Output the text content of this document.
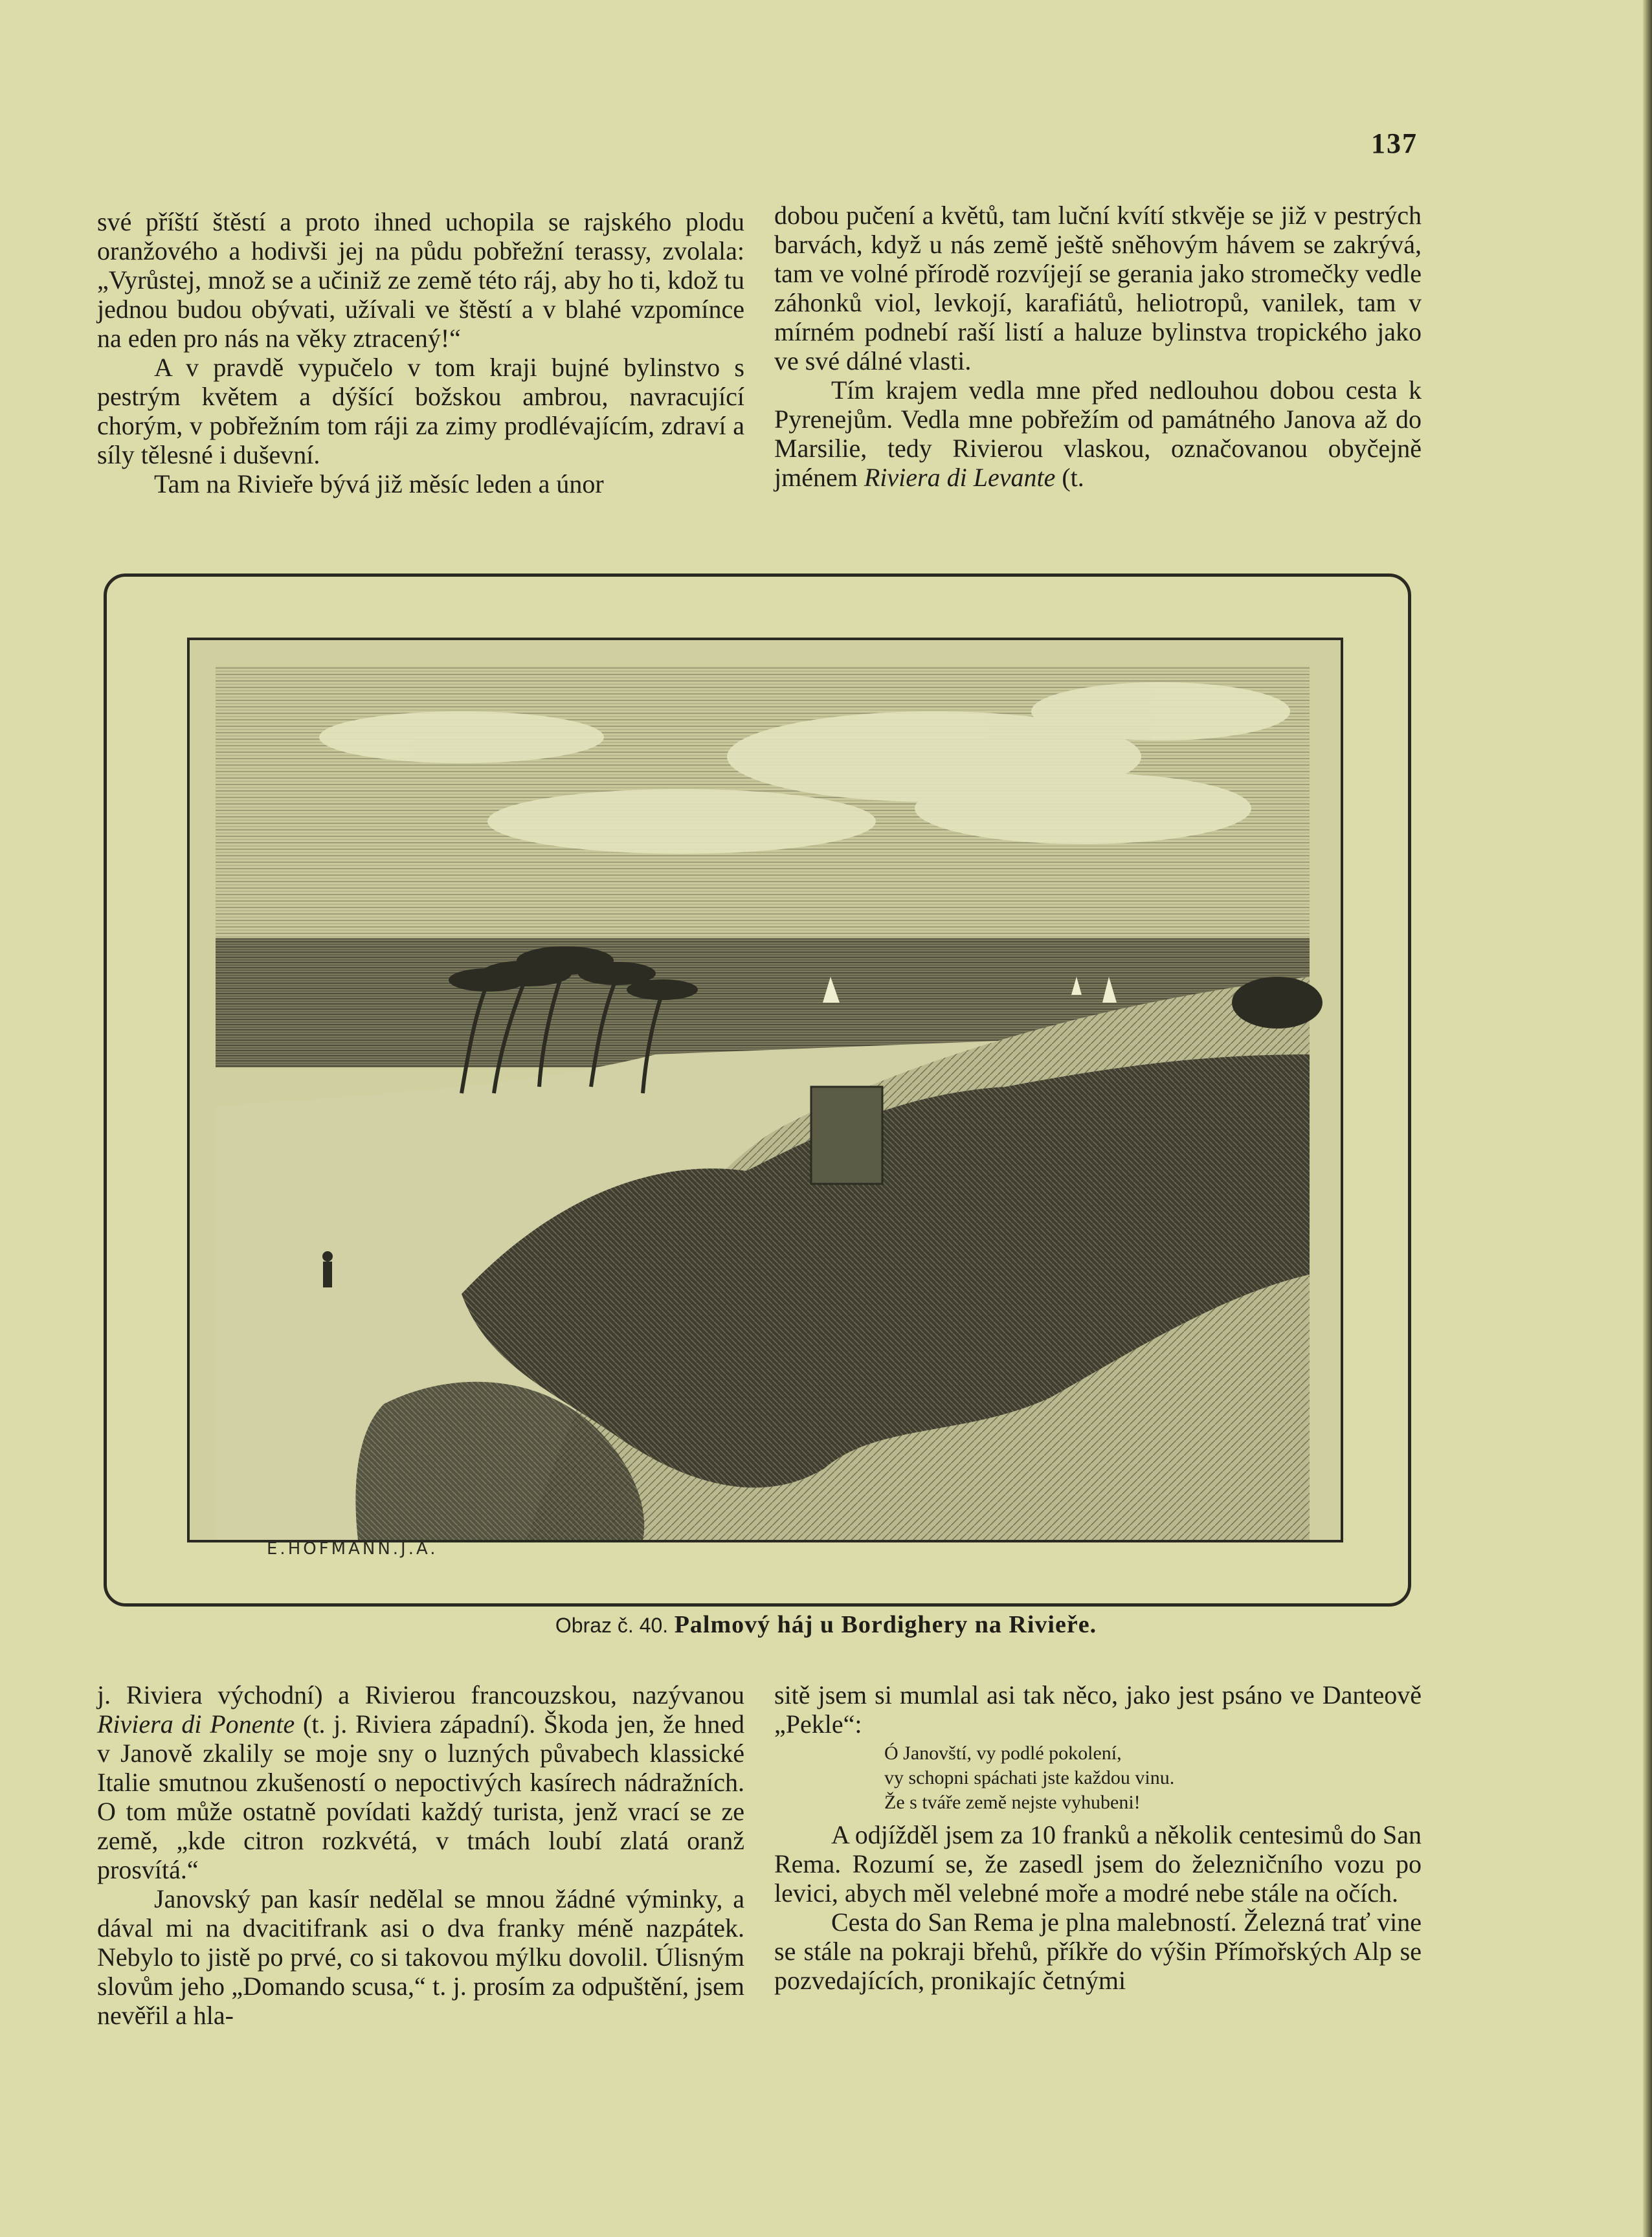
137

své příští štěstí a proto ihned uchopila se rajského plodu oranžového a hodivši jej na půdu pobřežní terassy, zvolala: „Vyrůstej, množ se a učiniž ze země této ráj, aby ho ti, kdož tu jednou budou obývati, užívali ve štěstí a v blahé vzpomínce na eden pro nás na věky ztracený!“

A v pravdě vypučelo v tom kraji bujné bylinstvo s pestrým květem a dýšící božskou ambrou, navracující chorým, v pobřežním tom ráji za zimy prodlévajícím, zdraví a síly tělesné i duševní.

Tam na Rivieře bývá již měsíc leden a únor

dobou pučení a květů, tam luční kvítí stkvěje se již v pestrých barvách, když u nás země ještě sněhovým hávem se zakrývá, tam ve volné přírodě rozvíjejí se gerania jako stromečky vedle záhonků viol, levkojí, karafiátů, heliotropů, vanilek, tam v mírném podnebí raší listí a haluze bylinstva tropického jako ve své dálné vlasti.

Tím krajem vedla mne před nedlouhou dobou cesta k Pyrenejům. Vedla mne pobřežím od památného Janova až do Marsilie, tedy Rivierou vlaskou, označovanou obyčejně jménem Riviera di Levante (t.

E.HOFMANN.J.A.
Obraz č. 40. Palmový háj u Bordighery na Rivieře.

j. Riviera východní) a Rivierou francouzskou, nazývanou Riviera di Ponente (t. j. Riviera západní). Škoda jen, že hned v Janově zkalily se moje sny o luzných půvabech klassické Italie smutnou zkušeností o nepoctivých kasírech nádražních. O tom může ostatně povídati každý turista, jenž vrací se ze země, „kde citron rozkvétá, v tmách loubí zlatá oranž prosvítá.“

Janovský pan kasír nedělal se mnou žádné výminky, a dával mi na dvacitifrank asi o dva franky méně nazpátek. Nebylo to jistě po prvé, co si takovou mýlku dovolil. Úlisným slovům jeho „Domando scusa,“ t. j. prosím za odpuštění, jsem nevěřil a hla-

sitě jsem si mumlal asi tak něco, jako jest psáno ve Danteově „Pekle“:

Ó Janovští, vy podlé pokolení,
vy schopni spáchati jste každou vinu.
Že s tváře země nejste vyhubeni!

A odjížděl jsem za 10 franků a několik centesimů do San Rema. Rozumí se, že zasedl jsem do železničního vozu po levici, abych měl velebné moře a modré nebe stále na očích.

Cesta do San Rema je plna malebností. Železná trať vine se stále na pokraji břehů, příkře do výšin Přímořských Alp se pozvedajících, pronikajíc četnými
